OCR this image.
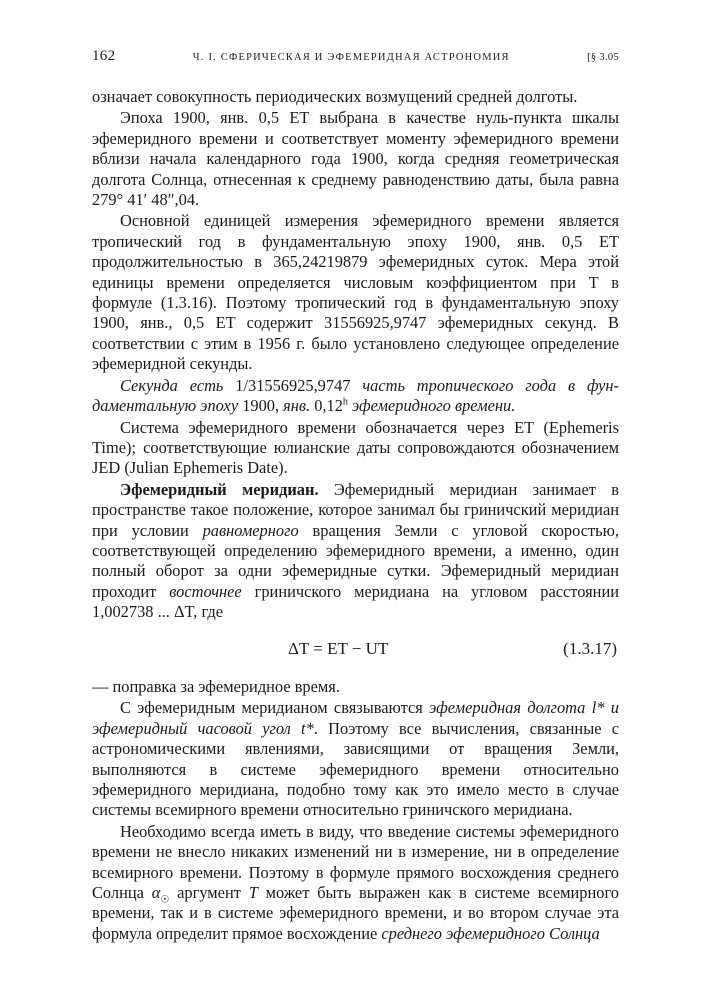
162	Ч. I. СФЕРИЧЕСКАЯ И ЭФЕМЕРИДНАЯ АСТРОНОМИЯ	[§ 3.05

означает совокупность периодических возмущений средней долготы.

Эпоха 1900, янв. 0,5 ET выбрана в качестве нуль-пункта шкалы эфемеридного времени и соответствует моменту эфемеридного времени вблизи начала календарного года 1900, когда средняя геометрическая долгота Солнца, отнесенная к среднему равноденствию даты, была равна 279° 41′ 48″,04.

Основной единицей измерения эфемеридного времени является тропический год в фундаментальную эпоху 1900, янв. 0,5 ET продолжительностью в 365,24219879 эфемеридных суток. Мера этой единицы времени определяется числовым коэффициентом при T в формуле (1.3.16). Поэтому тропический год в фундаментальную эпоху 1900, янв., 0,5 ET содержит 31556925,9747 эфемеридных секунд. В соответствии с этим в 1956 г. было установлено следующее определение эфемеридной секунды.

Секунда есть 1/31556925,9747 часть тропического года в фундаментальную эпоху 1900, янв. 0,12$^h$ эфемеридного времени.

Система эфемеридного времени обозначается через ET (Ephemeris Time); соответствующие юлианские даты сопровождаются обозначением JED (Julian Ephemeris Date).

Эфемеридный меридиан. Эфемеридный меридиан занимает в пространстве такое положение, которое занимал бы гриничский меридиан при условии равномерного вращения Земли с угловой скоростью, соответствующей определению эфемеридного времени, а именно, один полный оборот за одни эфемеридные сутки. Эфемеридный меридиан проходит восточнее гриничского меридиана на угловом расстоянии 1,002738 ... ΔT, где

ΔT = ET − UT	(1.3.17)

— поправка за эфемеридное время.

С эфемеридным меридианом связываются эфемеридная долгота l* и эфемеридный часовой угол t*. Поэтому все вычисления, связанные с астрономическими явлениями, зависящими от вращения Земли, выполняются в системе эфемеридного времени относительно эфемеридного меридиана, подобно тому как это имело место в случае системы всемирного времени относительно гриничского меридиана.

Необходимо всегда иметь в виду, что введение системы эфемеридного времени не внесло никаких изменений ни в измерение, ни в определение всемирного времени. Поэтому в формуле прямого восхождения среднего Солнца $\alpha_☉$ аргумент T может быть выражен как в системе всемирного времени, так и в системе эфемеридного времени, и во втором случае эта формула определит прямое восхождение среднего эфемеридного Солнца
